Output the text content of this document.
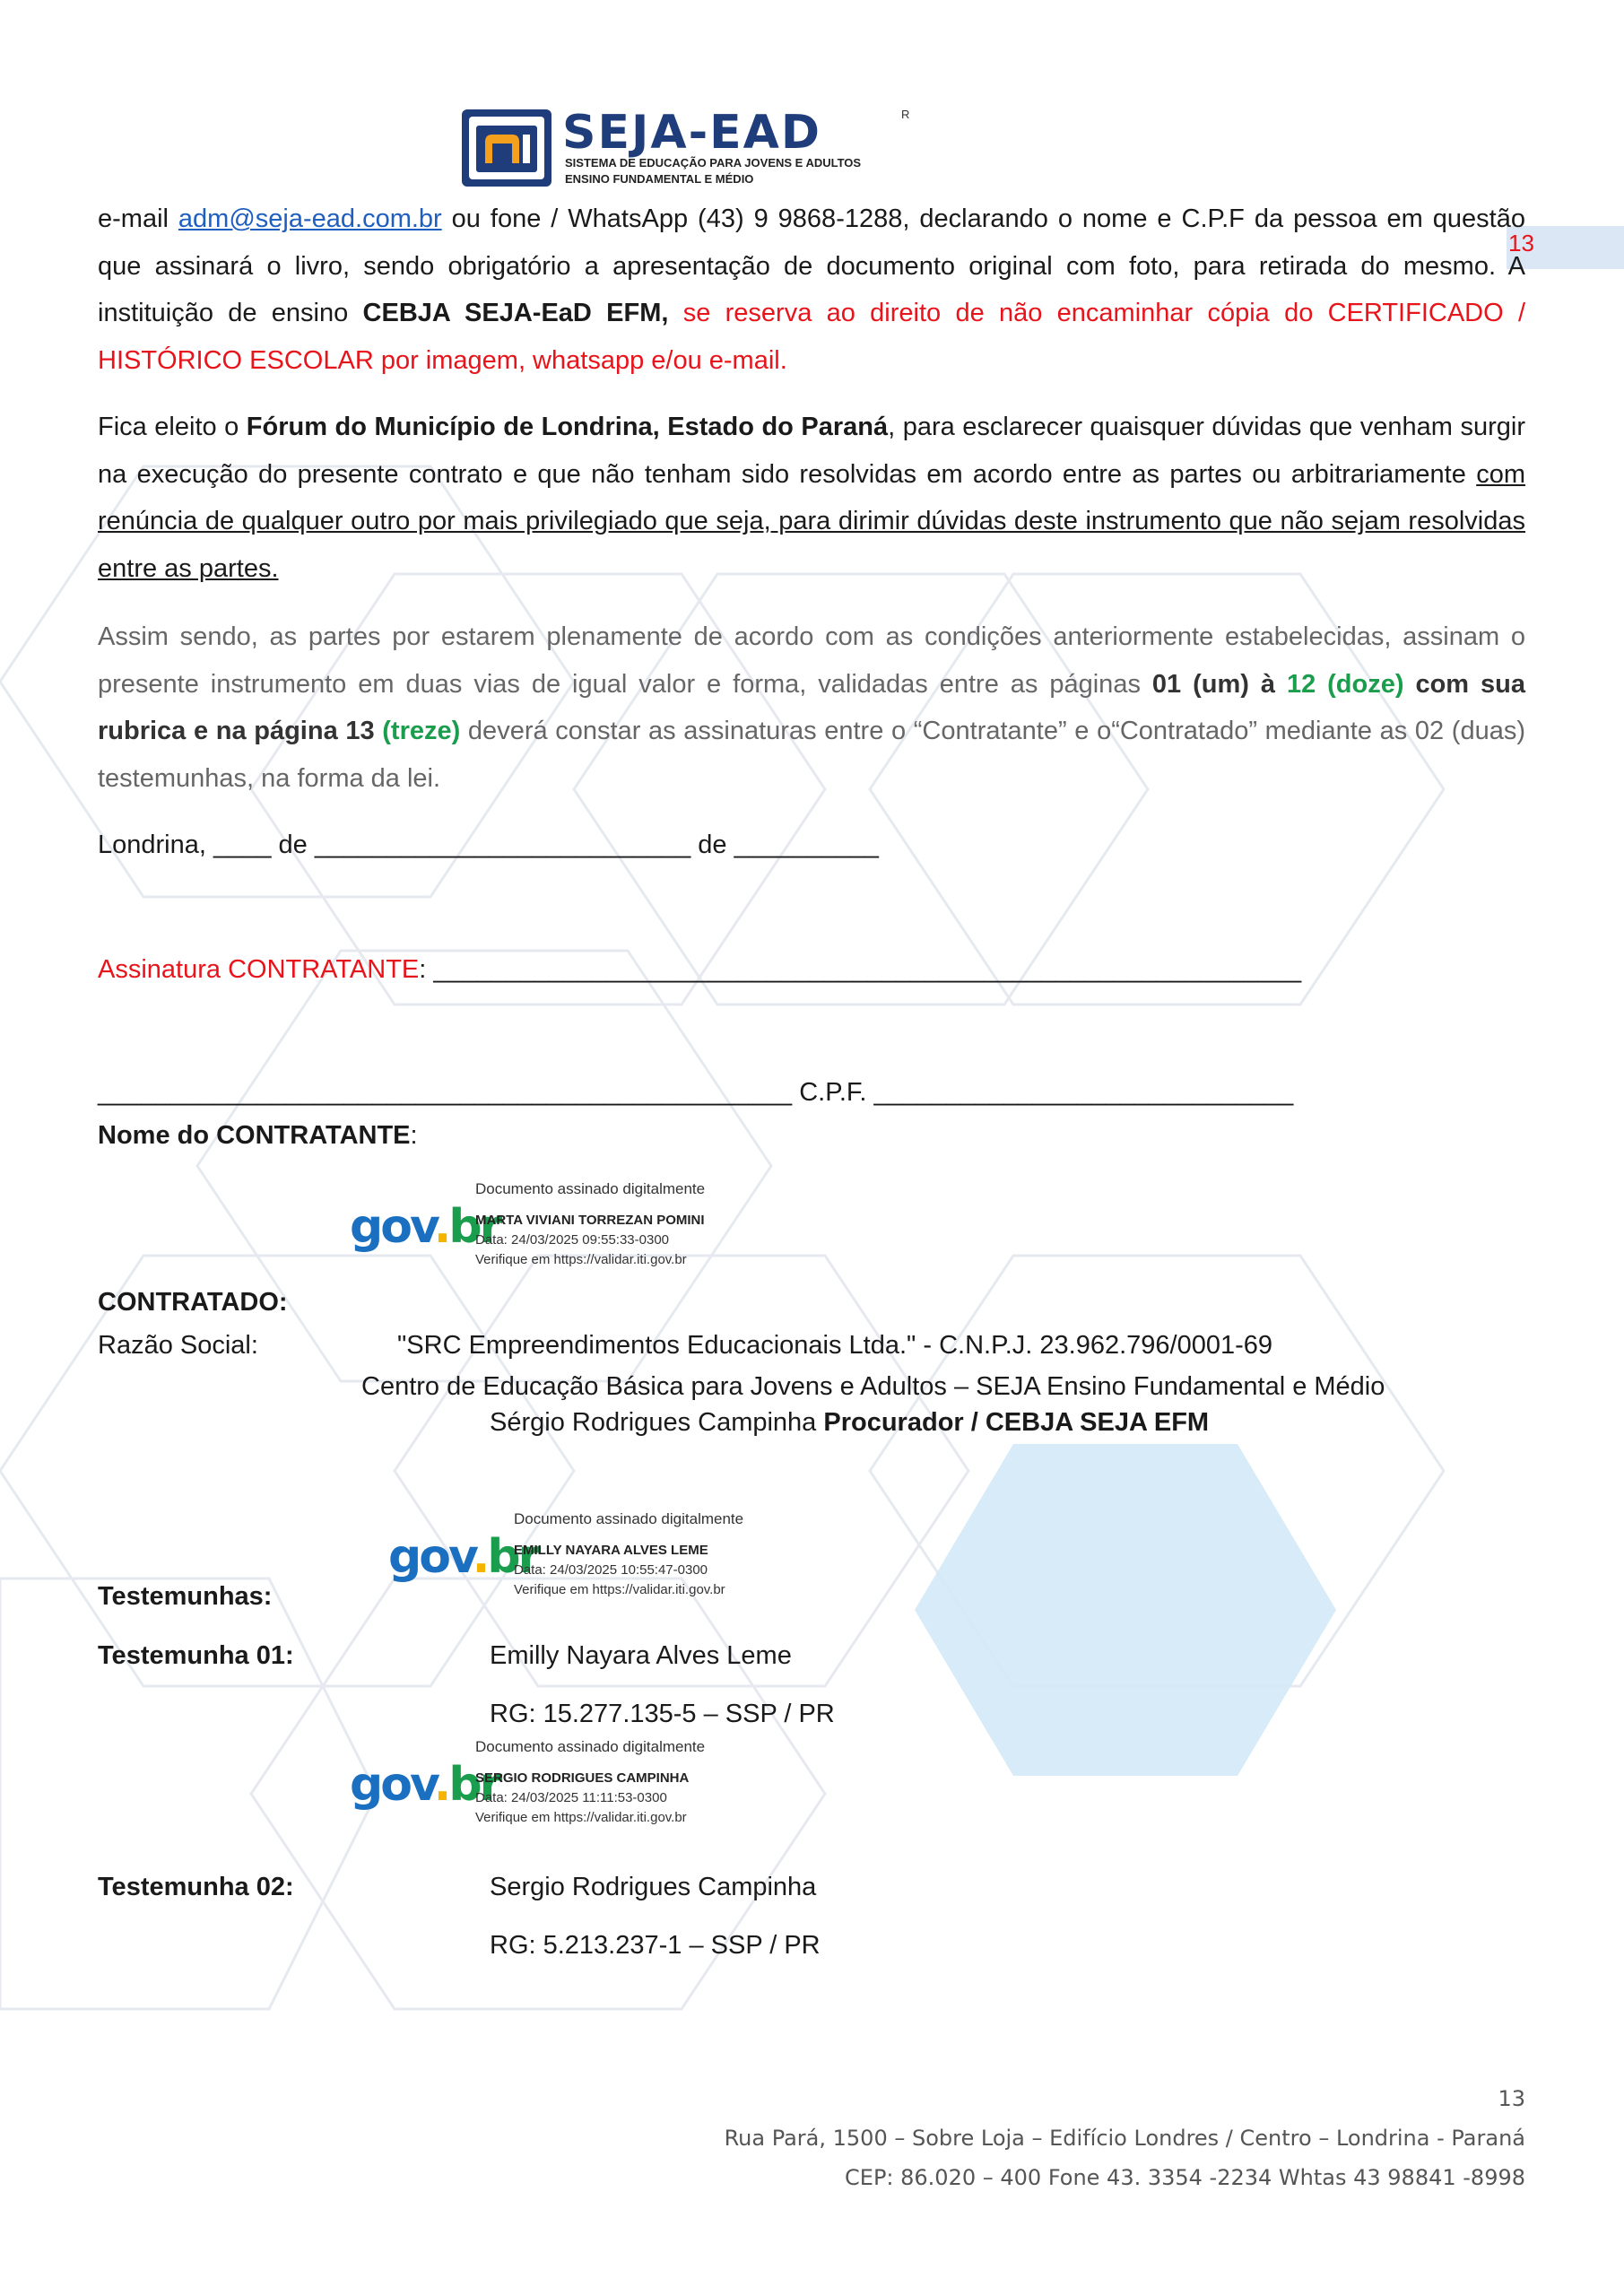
SEJA-EAD	R
SISTEMA DE EDUCAÇÃO PARA JOVENS E ADULTOS
ENSINO FUNDAMENTAL E MÉDIO
13
e-mail adm@seja-ead.com.br ou fone / WhatsApp (43) 9 9868-1288, declarando o nome e C.P.F da pessoa em questão que assinará o livro, sendo obrigatório a apresentação de documento original com foto, para retirada do mesmo. A instituição de ensino CEBJA SEJA-EaD EFM, se reserva ao direito de não encaminhar cópia do CERTIFICADO / HISTÓRICO ESCOLAR por imagem, whatsapp e/ou e-mail.
Fica eleito o Fórum do Município de Londrina, Estado do Paraná, para esclarecer quaisquer dúvidas que venham surgir na execução do presente contrato e que não tenham sido resolvidas em acordo entre as partes ou arbitrariamente com renúncia de qualquer outro por mais privilegiado que seja, para dirimir dúvidas deste instrumento que não sejam resolvidas entre as partes.
Assim sendo, as partes por estarem plenamente de acordo com as condições anteriormente estabelecidas, assinam o presente instrumento em duas vias de igual valor e forma, validadas entre as páginas 01 (um) à 12 (doze) com sua rubrica e na página 13 (treze) deverá constar as assinaturas entre o “Contratante” e o“Contratado” mediante as 02 (duas) testemunhas, na forma da lei.
Londrina, ____ de __________________________ de __________
Assinatura CONTRATANTE: ____________________________________________________________
________________________________________________ C.P.F. _____________________________
Nome do CONTRATANTE:
gov.br
Documento assinado digitalmente
MARTA VIVIANI TORREZAN POMINI
Data: 24/03/2025 09:55:33-0300
Verifique em https://validar.iti.gov.br
CONTRATADO:
Razão Social:	"SRC Empreendimentos Educacionais Ltda." - C.N.P.J. 23.962.796/0001-69
Centro de Educação Básica para Jovens e Adultos – SEJA Ensino Fundamental e Médio
Sérgio Rodrigues Campinha Procurador / CEBJA SEJA EFM
gov.br
Documento assinado digitalmente
EMILLY NAYARA ALVES LEME
Data: 24/03/2025 10:55:47-0300
Verifique em https://validar.iti.gov.br
Testemunhas:
Testemunha 01:	Emilly Nayara Alves Leme
RG: 15.277.135-5 – SSP / PR
gov.br
Documento assinado digitalmente
SERGIO RODRIGUES CAMPINHA
Data: 24/03/2025 11:11:53-0300
Verifique em https://validar.iti.gov.br
Testemunha 02:	Sergio Rodrigues Campinha
RG: 5.213.237-1 – SSP / PR
13
Rua Pará, 1500 – Sobre Loja – Edifício Londres / Centro – Londrina - Paraná
CEP: 86.020 – 400 Fone 43. 3354 -2234 Whtas 43 98841 -8998
